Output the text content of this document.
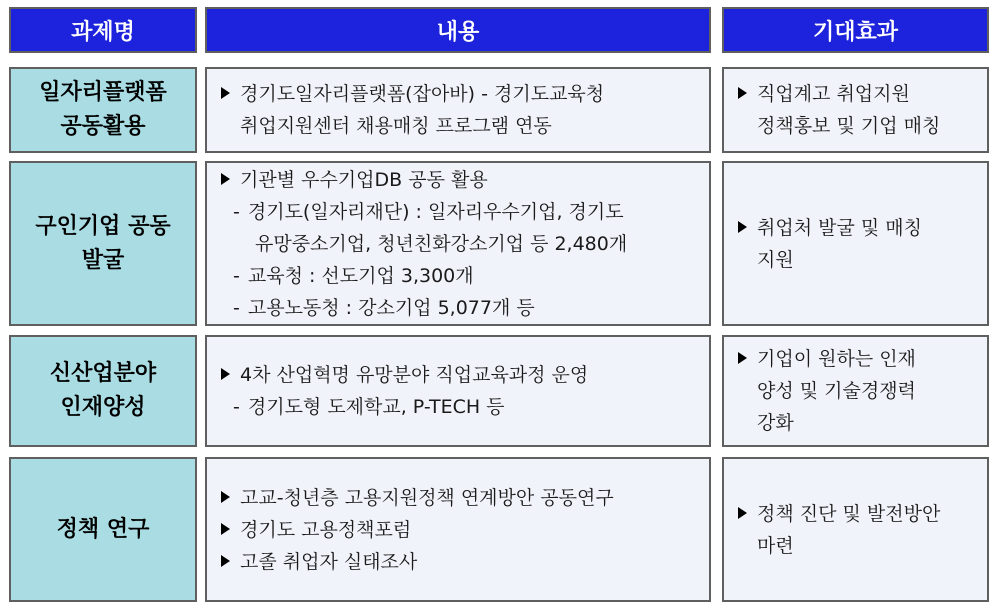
과제명	내용	기대효과
일자리플랫폼
공동활용
경기도일자리플랫폼(잡아바) - 경기도교육청
취업지원센터 채용매칭 프로그램 연동
직업계고 취업지원
정책홍보 및 기업 매칭
구인기업 공동
발굴
기관별 우수기업DB 공동 활용
- 경기도(일자리재단) : 일자리우수기업, 경기도
유망중소기업, 청년친화강소기업 등 2,480개
- 교육청 : 선도기업 3,300개
- 고용노동청 : 강소기업 5,077개 등
취업처 발굴 및 매칭
지원
신산업분야
인재양성
4차 산업혁명 유망분야 직업교육과정 운영
- 경기도형 도제학교, P-TECH 등
기업이 원하는 인재
양성 및 기술경쟁력
강화
정책 연구
고교-청년층 고용지원정책 연계방안 공동연구
경기도 고용정책포럼
고졸 취업자 실태조사
정책 진단 및 발전방안
마련
